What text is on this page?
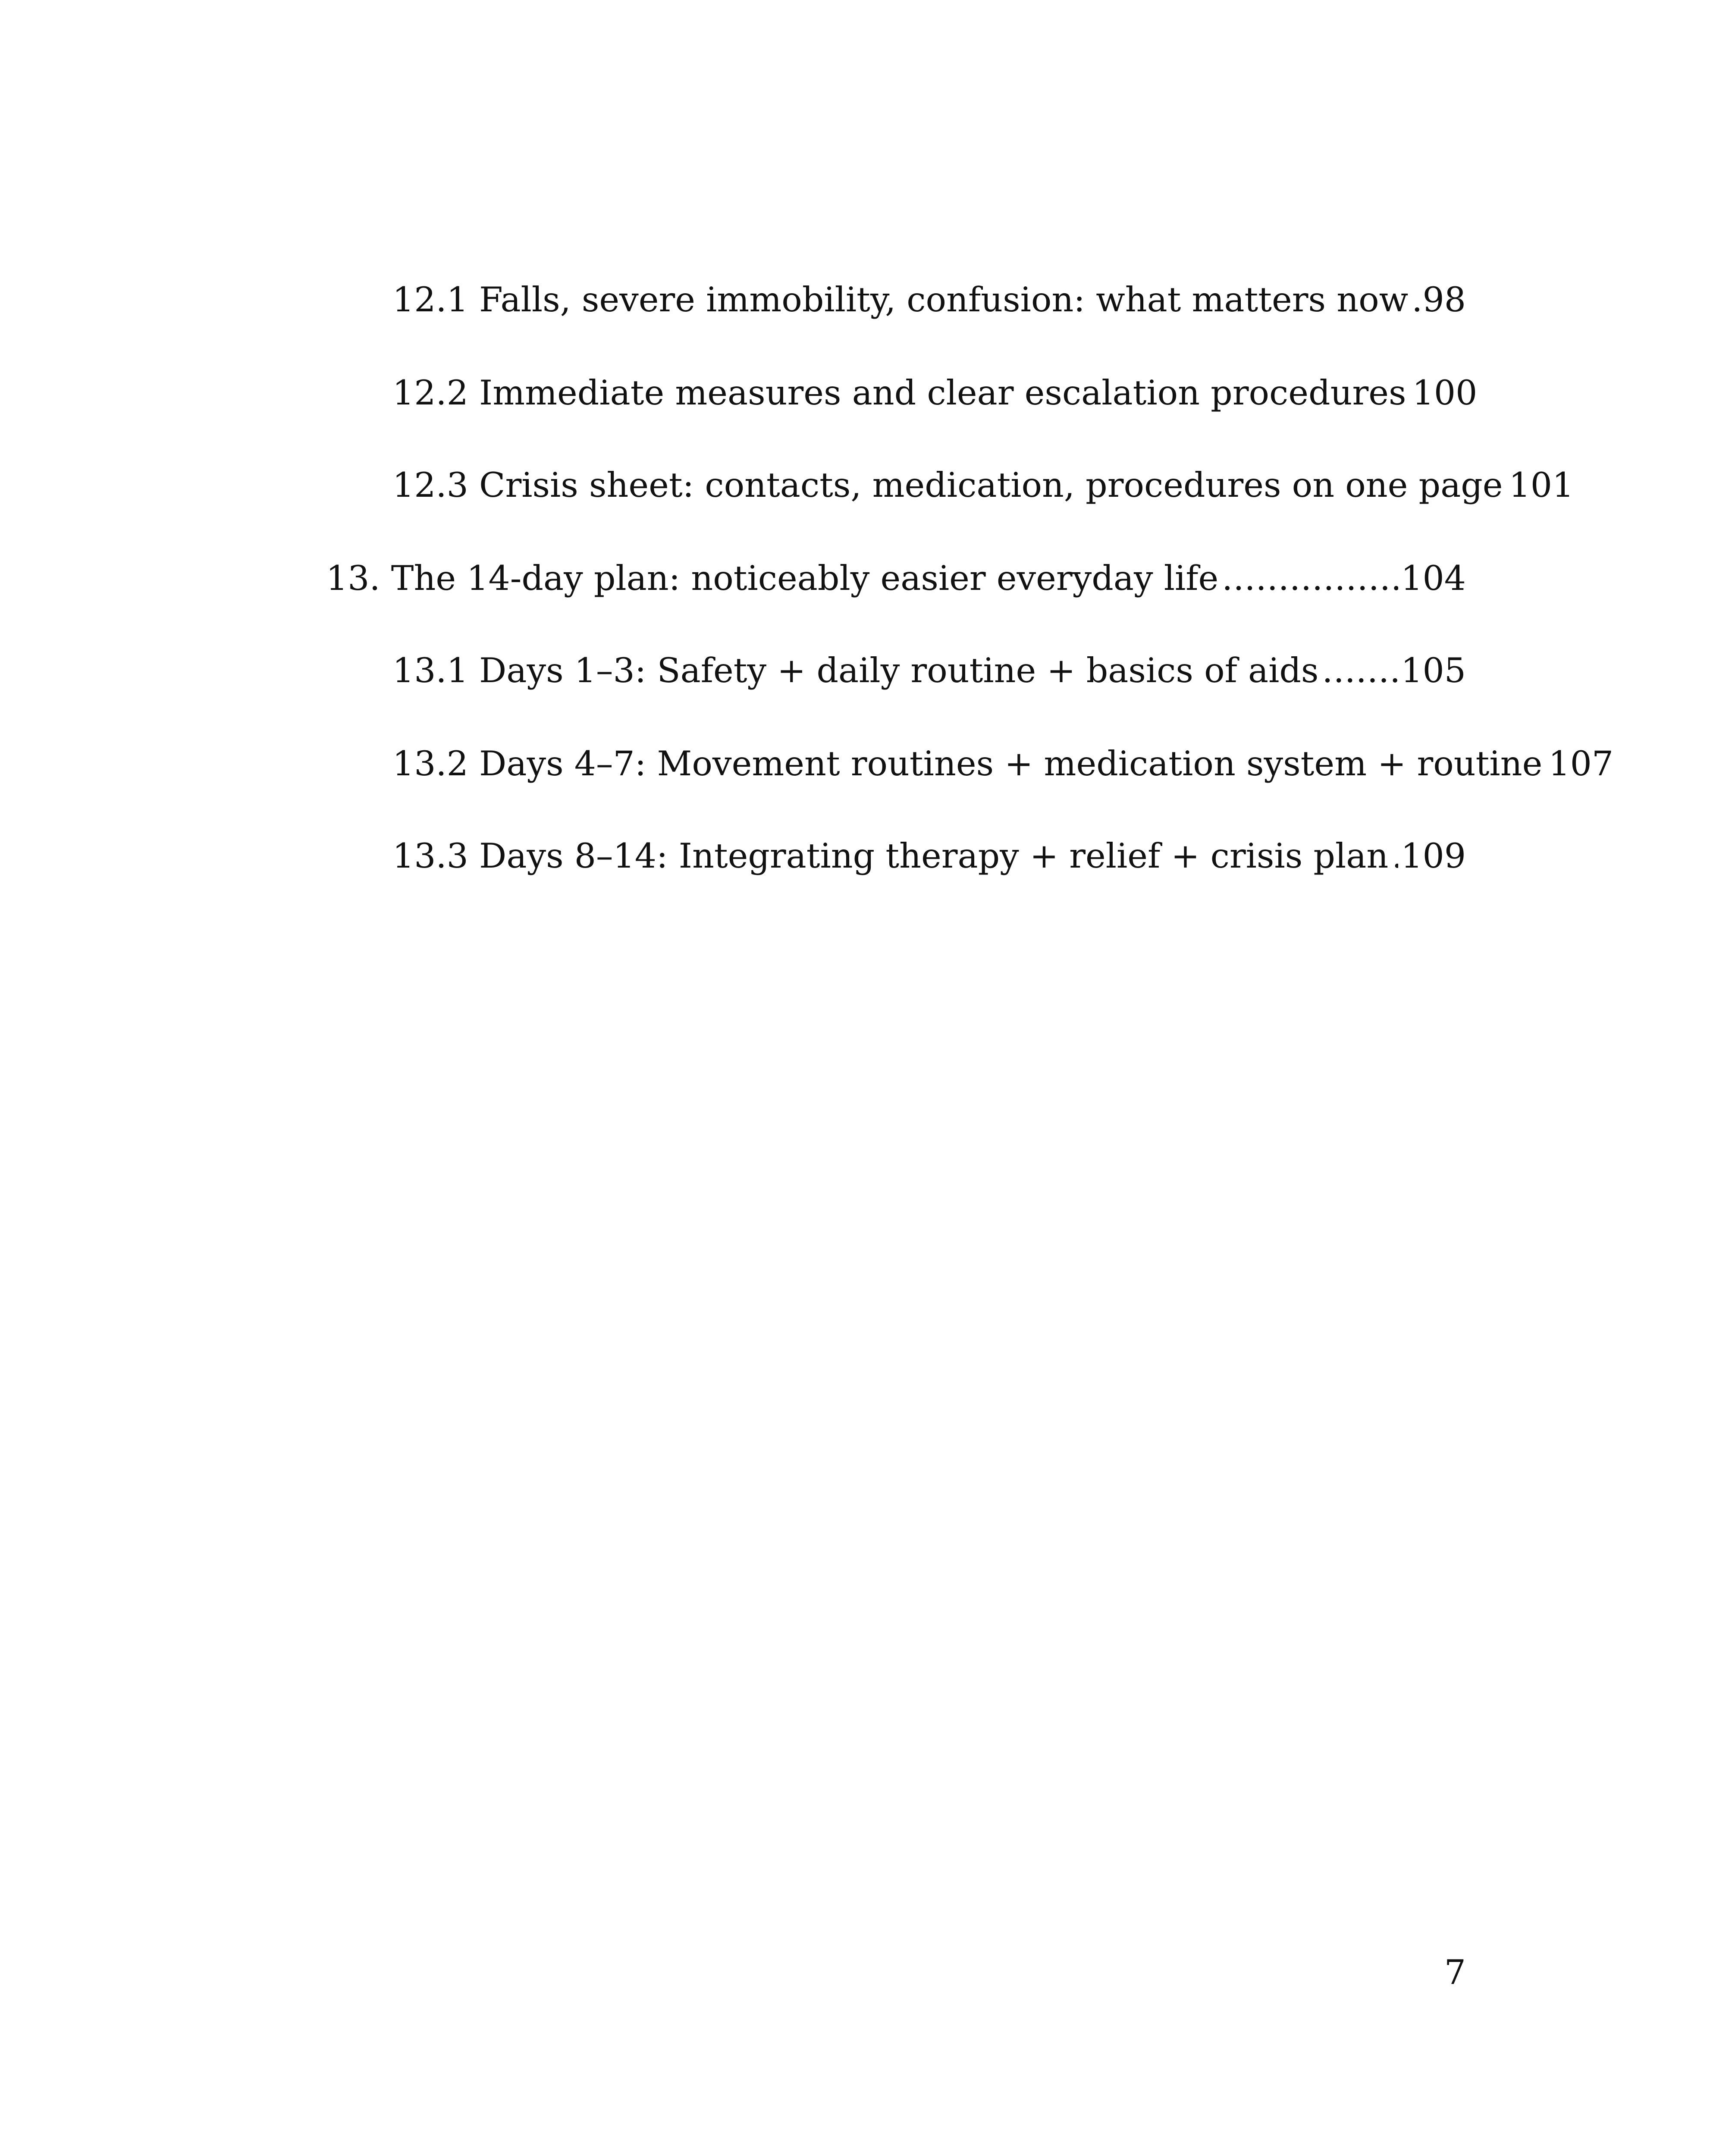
12.1 Falls, severe immobility, confusion: what matters now ..... 98
12.2 Immediate measures and clear escalation procedures 100
12.3 Crisis sheet: contacts, medication, procedures on one page 101
13. The 14-day plan: noticeably easier everyday life .....	104
13.1 Days 1–3: Safety + daily routine + basics of aids ..... 105
13.2 Days 4–7: Movement routines + medication system + routine 107
13.3 Days 8–14: Integrating therapy + relief + crisis plan ..... 109
7
